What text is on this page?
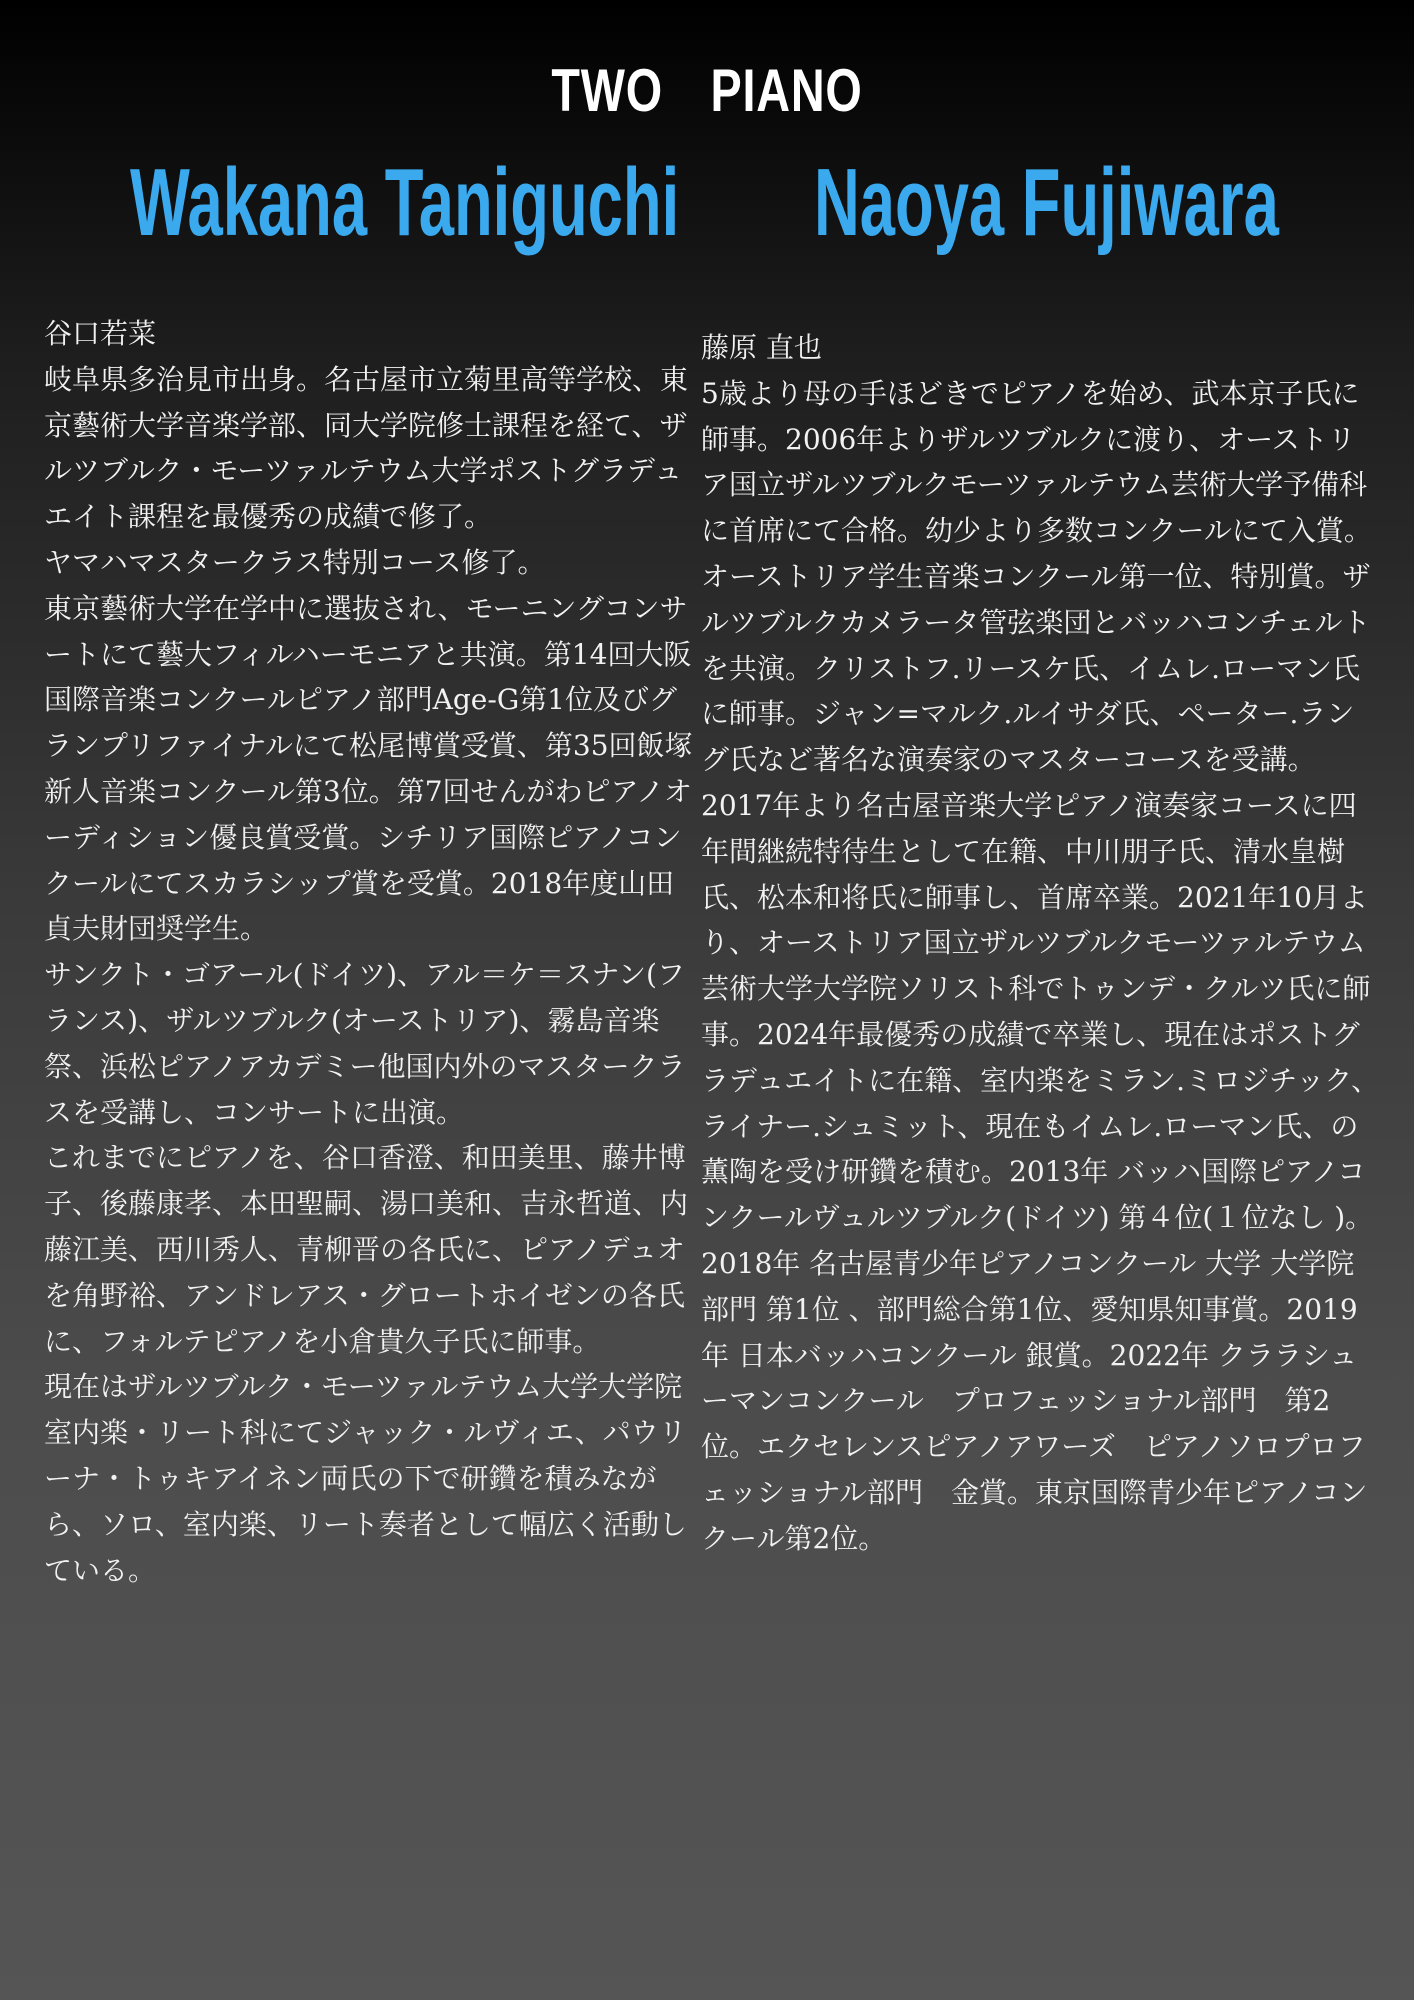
TWO　PIANO
Wakana Taniguchi Naoya Fujiwara

谷口若菜

岐阜県多治見市出身。名古屋市立菊里高等学校、東京藝術大学音楽学部、同大学院修士課程を経て、ザルツブルク・モーツァルテウム大学ポストグラデュエイト課程を最優秀の成績で修了。

ヤマハマスタークラス特別コース修了。

東京藝術大学在学中に選抜され、モーニングコンサートにて藝大フィルハーモニアと共演。第14回大阪国際音楽コンクールピアノ部門Age-G第1位及びグランプリファイナルにて松尾博賞受賞、第35回飯塚新人音楽コンクール第3位。第7回せんがわピアノオーディション優良賞受賞。シチリア国際ピアノコンクールにてスカラシップ賞を受賞。2018年度山田貞夫財団奨学生。

サンクト・ゴアール(ドイツ)、アル＝ケ＝スナン(フランス)、ザルツブルク(オーストリア)、霧島音楽祭、浜松ピアノアカデミー他国内外のマスタークラスを受講し、コンサートに出演。

これまでにピアノを、谷口香澄、和田美里、藤井博子、後藤康孝、本田聖嗣、湯口美和、吉永哲道、内藤江美、西川秀人、青柳晋の各氏に、ピアノデュオを角野裕、アンドレアス・グロートホイゼンの各氏に、フォルテピアノを小倉貴久子氏に師事。

現在はザルツブルク・モーツァルテウム大学大学院室内楽・リート科にてジャック・ルヴィエ、パウリーナ・トゥキアイネン両氏の下で研鑽を積みながら、ソロ、室内楽、リート奏者として幅広く活動している。

藤原 直也

5歳より母の手ほどきでピアノを始め、武本京子氏に師事。2006年よりザルツブルクに渡り、オーストリア国立ザルツブルクモーツァルテウム芸術大学予備科に首席にて合格。幼少より多数コンクールにて入賞。オーストリア学生音楽コンクール第一位、特別賞。ザルツブルクカメラータ管弦楽団とバッハコンチェルトを共演。クリストフ.リースケ氏、イムレ.ローマン氏に師事。ジャン=マルク.ルイサダ氏、ペーター.ラング氏など著名な演奏家のマスターコースを受講。2017年より名古屋音楽大学ピアノ演奏家コースに四年間継続特待生として在籍、中川朋子氏、清水皇樹氏、松本和将氏に師事し、首席卒業。2021年10月より、オーストリア国立ザルツブルクモーツァルテウム芸術大学大学院ソリスト科でトゥンデ・クルツ氏に師事。2024年最優秀の成績で卒業し、現在はポストグラデュエイトに在籍、室内楽をミラン.ミロジチック、ライナー.シュミット、現在もイムレ.ローマン氏、の薫陶を受け研鑽を積む。2013年 バッハ国際ピアノコンクールヴュルツブルク(ドイツ) 第４位(１位なし )。2018年 名古屋青少年ピアノコンクール 大学 大学院部門 第1位 、部門総合第1位、愛知県知事賞。2019年 日本バッハコンクール 銀賞。2022年 クララシューマンコンクール　プロフェッショナル部門　第2位。エクセレンスピアノアワーズ　ピアノソロプロフェッショナル部門　金賞。東京国際青少年ピアノコンクール第2位。
